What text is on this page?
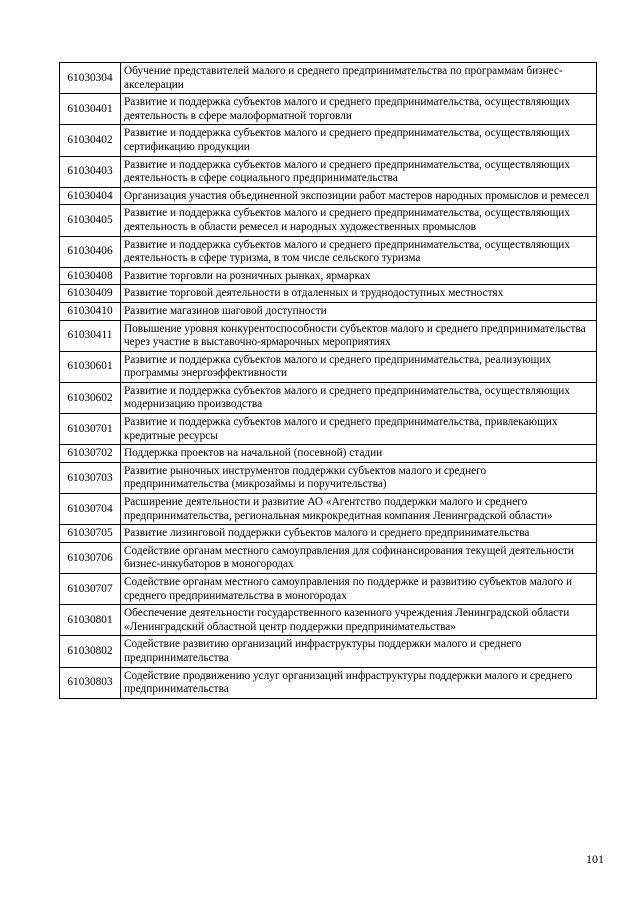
61030304	Обучение представителей малого и среднего предпринимательства по программам бизнес-акселерации
61030401	Развитие и поддержка субъектов малого и среднего предпринимательства, осуществляющих деятельность в сфере малоформатной торговли
61030402	Развитие и поддержка субъектов малого и среднего предпринимательства, осуществляющих сертификацию продукции
61030403	Развитие и поддержка субъектов малого и среднего предпринимательства, осуществляющих деятельность в сфере социального предпринимательства
61030404	Организация участия объединенной экспозиции работ мастеров народных промыслов и ремесел
61030405	Развитие и поддержка субъектов малого и среднего предпринимательства, осуществляющих деятельность в области ремесел и народных художественных промыслов
61030406	Развитие и поддержка субъектов малого и среднего предпринимательства, осуществляющих деятельность в сфере туризма, в том числе сельского туризма
61030408	Развитие торговли на розничных рынках, ярмарках
61030409	Развитие торговой деятельности в отдаленных и труднодоступных местностях
61030410	Развитие магазинов шаговой доступности
61030411	Повышение уровня конкурентоспособности субъектов малого и среднего предпринимательства через участие в выставочно-ярмарочных мероприятиях
61030601	Развитие и поддержка субъектов малого и среднего предпринимательства, реализующих программы энергоэффективности
61030602	Развитие и поддержка субъектов малого и среднего предпринимательства, осуществляющих модернизацию производства
61030701	Развитие и поддержка субъектов малого и среднего предпринимательства, привлекающих кредитные ресурсы
61030702	Поддержка проектов на начальной (посевной) стадии
61030703	Развитие рыночных инструментов поддержки субъектов малого и среднего предпринимательства (микрозаймы и поручительства)
61030704	Расширение деятельности и развитие АО «Агентство поддержки малого и среднего предпринимательства, региональная микрокредитная компания Ленинградской области»
61030705	Развитие лизинговой поддержки субъектов малого и среднего предпринимательства
61030706	Содействие органам местного самоуправления для софинансирования текущей деятельности бизнес-инкубаторов в моногородах
61030707	Содействие органам местного самоуправления по поддержке и развитию субъектов малого и среднего предпринимательства в моногородах
61030801	Обеспечение деятельности государственного казенного учреждения Ленинградской области «Ленинградский областной центр поддержки предпринимательства»
61030802	Содействие развитию организаций инфраструктуры поддержки малого и среднего предпринимательства
61030803	Содействие продвижению услуг организаций инфраструктуры поддержки малого и среднего предпринимательства
101
